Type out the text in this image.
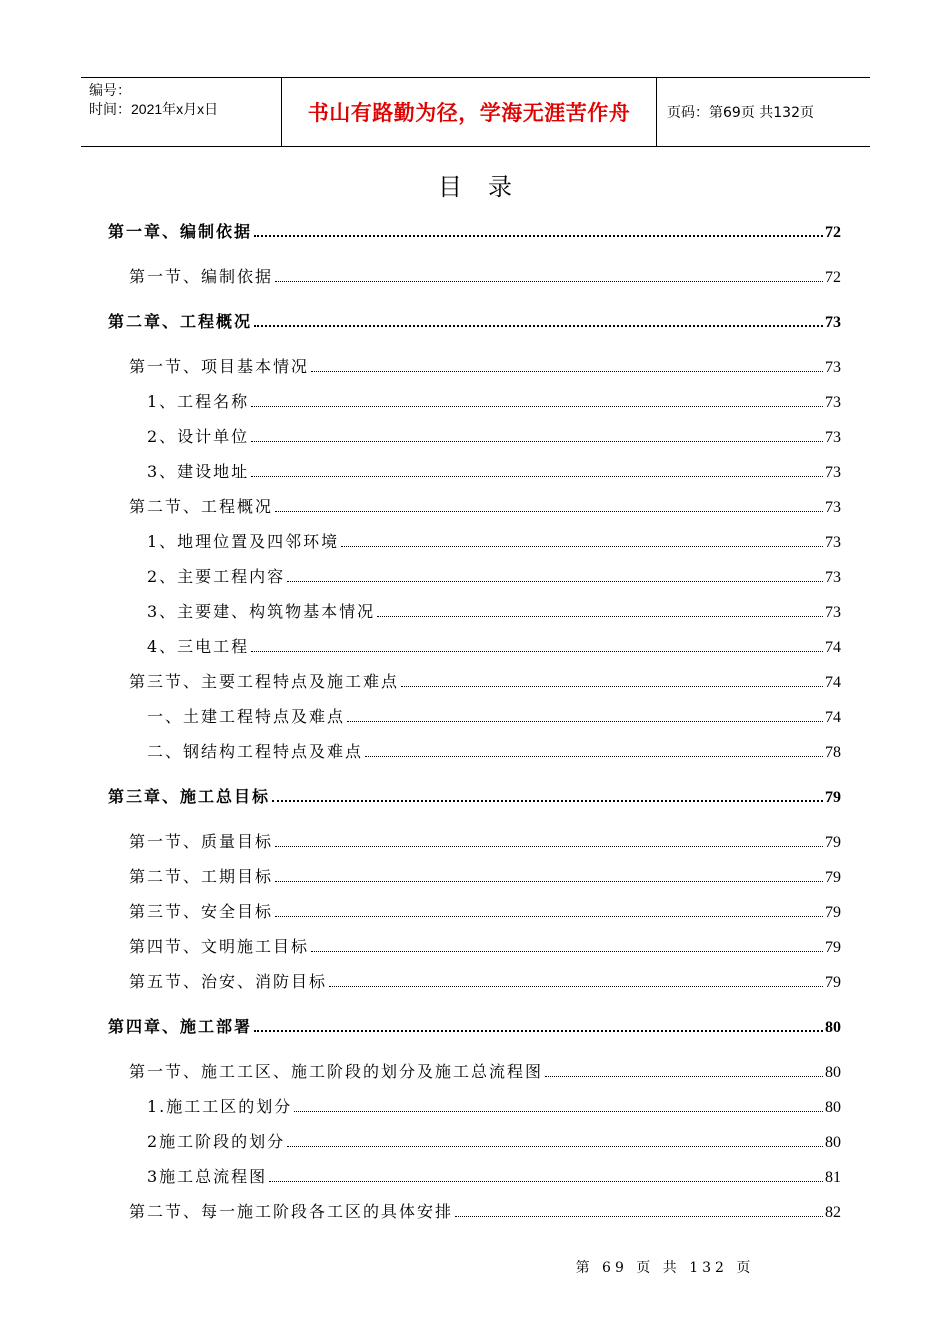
编号：
时间：2021年x月x日	书山有路勤为径，学海无涯苦作舟	页码：第69页 共132页
目录
第一章、编制依据	72
第一节、编制依据	72
第二章、工程概况	73
第一节、项目基本情况	73
1、工程名称	73
2、设计单位	73
3、建设地址	73
第二节、工程概况	73
1、地理位置及四邻环境	73
2、主要工程内容	73
3、主要建、构筑物基本情况	73
4、三电工程	74
第三节、主要工程特点及施工难点	74
一、土建工程特点及难点	74
二、钢结构工程特点及难点	78
第三章、施工总目标	79
第一节、质量目标	79
第二节、工期目标	79
第三节、安全目标	79
第四节、文明施工目标	79
第五节、治安、消防目标	79
第四章、施工部署	80
第一节、施工工区、施工阶段的划分及施工总流程图	80
1.施工工区的划分	80
2施工阶段的划分	80
3施工总流程图	81
第二节、每一施工阶段各工区的具体安排	82
第 69 页 共 132 页
